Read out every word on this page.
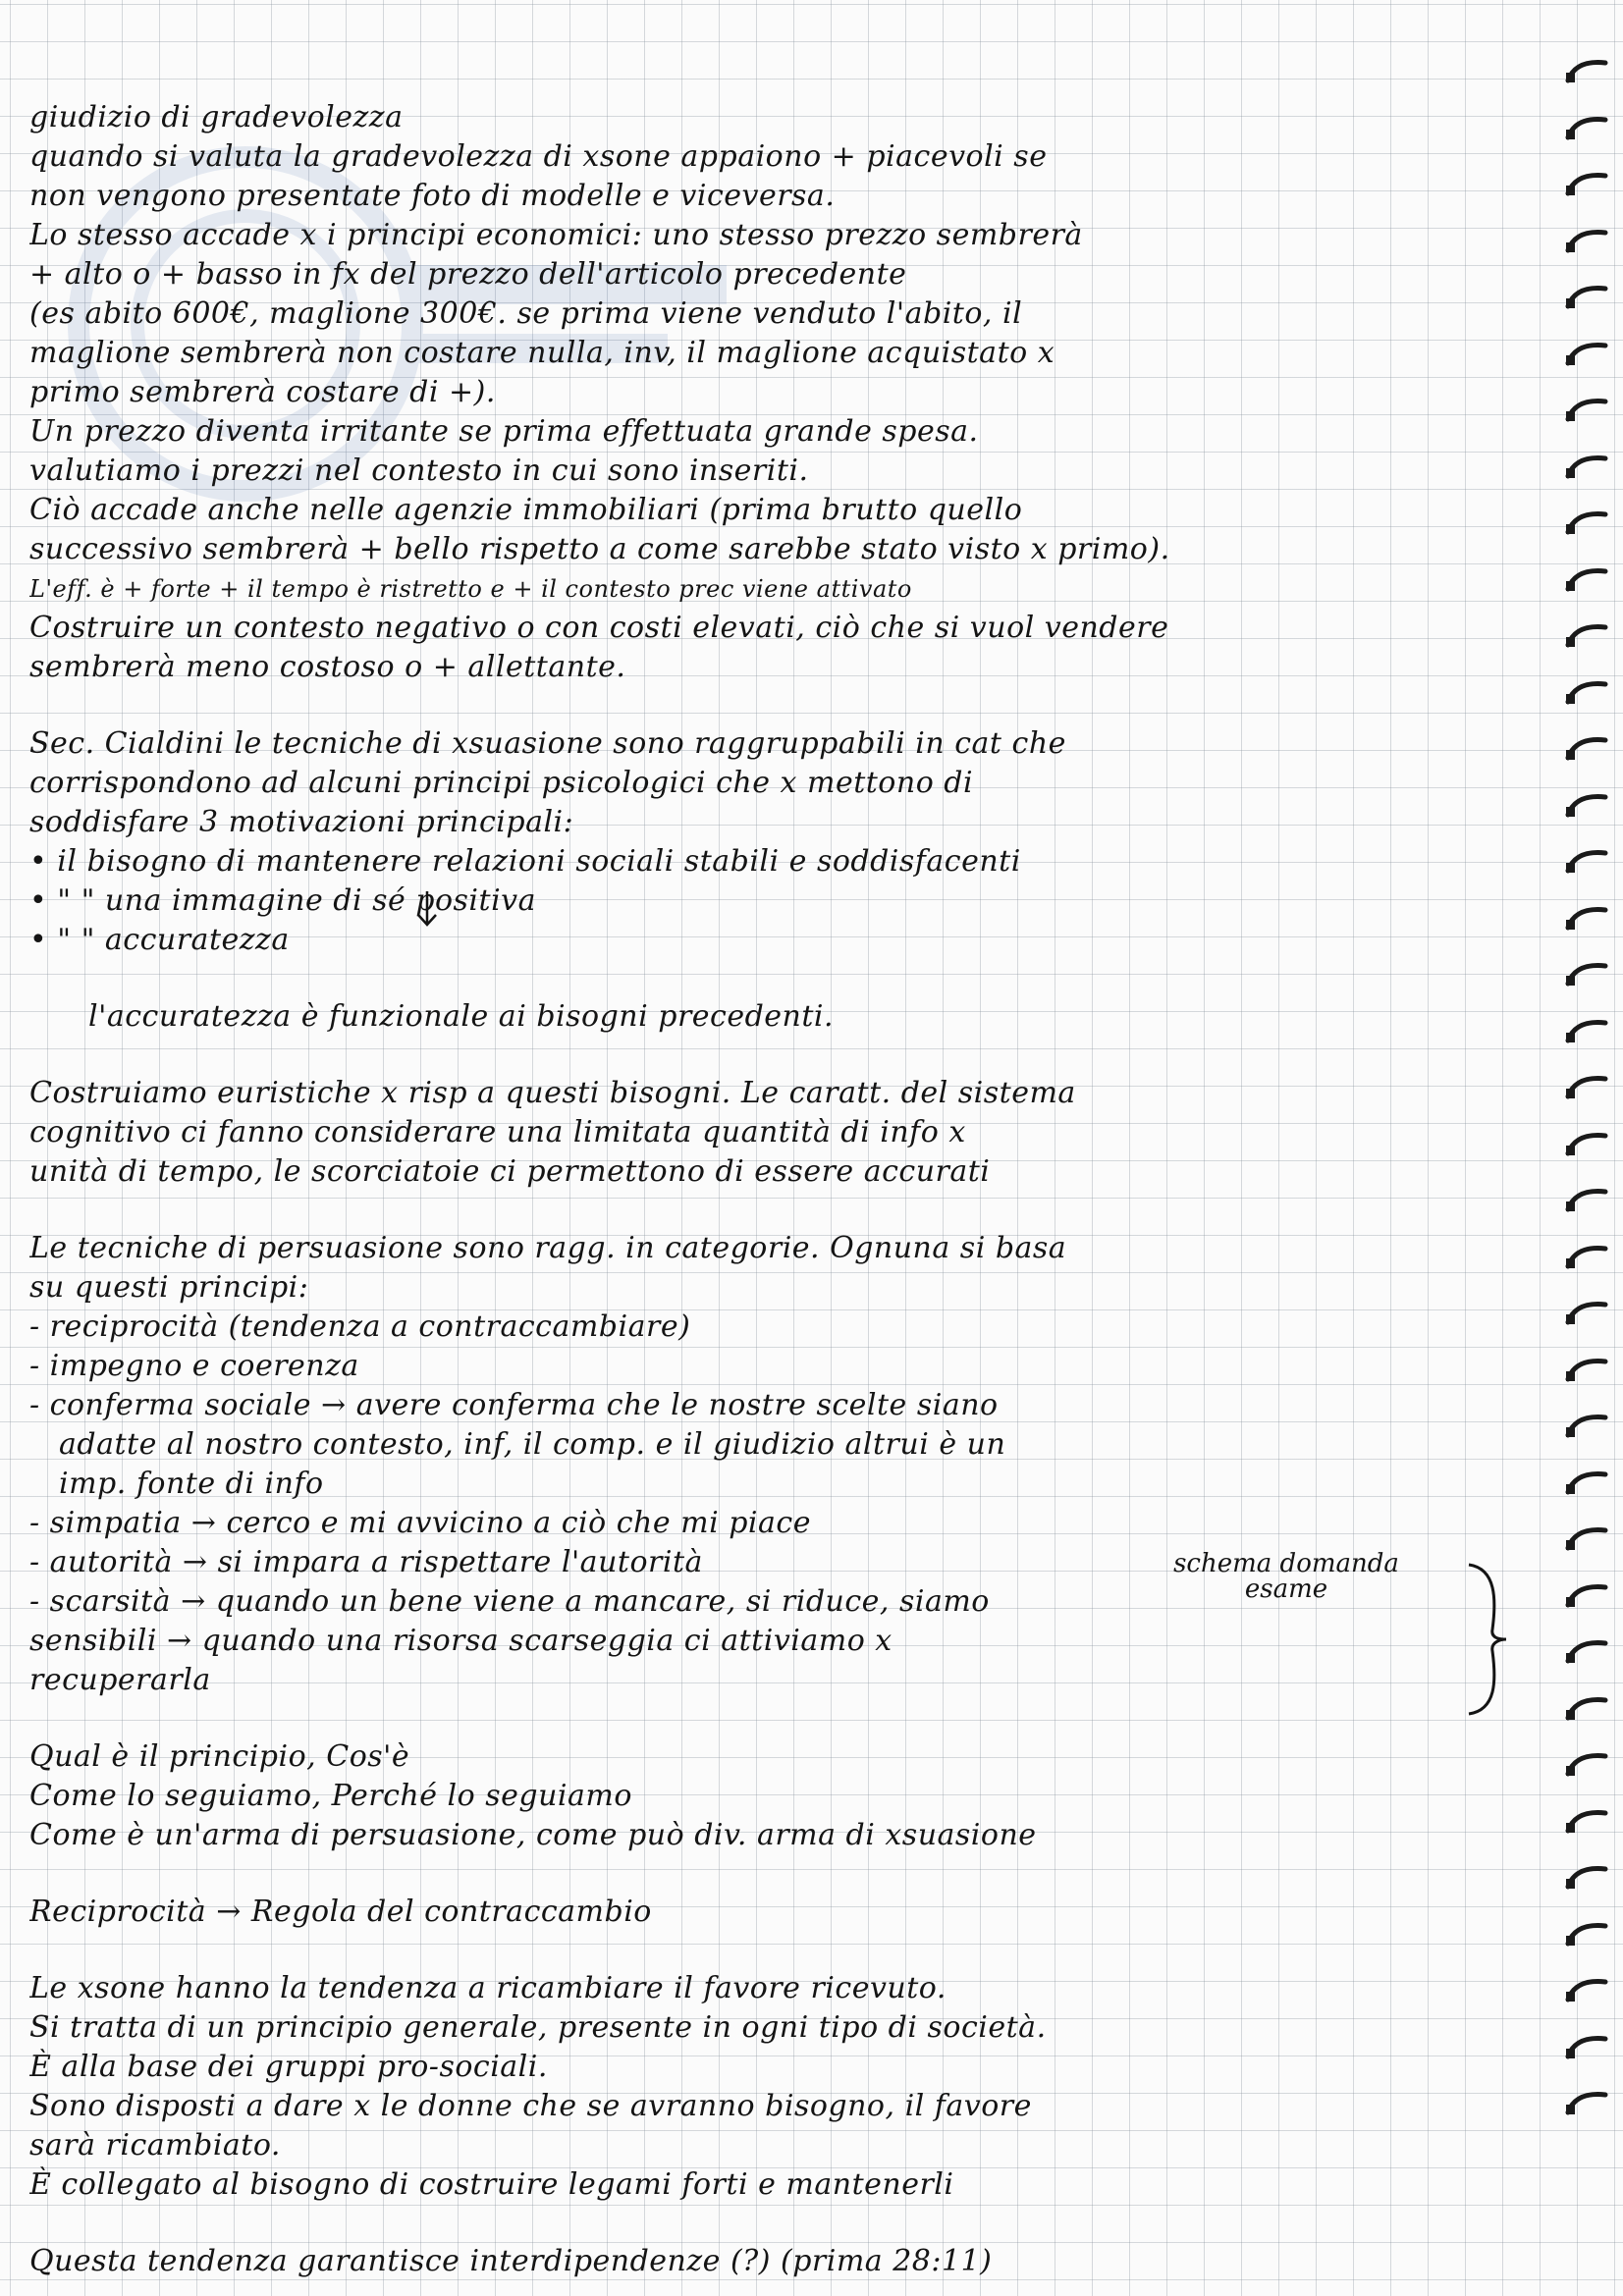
giudizio di gradevolezza
quando si valuta la gradevolezza di xsone appaiono + piacevoli se
non vengono presentate foto di modelle e viceversa.
Lo stesso accade x i principi economici: uno stesso prezzo sembrerà
+ alto o + basso in fx del prezzo dell'articolo precedente
(es abito 600€, maglione 300€. se prima viene venduto l'abito, il
maglione sembrerà non costare nulla, inv, il maglione acquistato x
primo sembrerà costare di +).
Un prezzo diventa irritante se prima effettuata grande spesa.
valutiamo i prezzi nel contesto in cui sono inseriti.
Ciò accade anche nelle agenzie immobiliari (prima brutto quello
successivo sembrerà + bello rispetto a come sarebbe stato visto x primo).
L'eff. è + forte + il tempo è ristretto e + il contesto prec viene attivato
Costruire un contesto negativo o con costi elevati, ciò che si vuol vendere
sembrerà meno costoso o + allettante.
Sec. Cialdini le tecniche di xsuasione sono raggruppabili in cat che
corrispondono ad alcuni principi psicologici che x mettono di
soddisfare 3 motivazioni principali:
• il bisogno di mantenere relazioni sociali stabili e soddisfacenti
• " " una immagine di sé positiva
• " " accuratezza
l'accuratezza è funzionale ai bisogni precedenti.
Costruiamo euristiche x risp a questi bisogni. Le caratt. del sistema
cognitivo ci fanno considerare una limitata quantità di info x
unità di tempo, le scorciatoie ci permettono di essere accurati
Le tecniche di persuasione sono ragg. in categorie. Ognuna si basa
su questi principi:
- reciprocità (tendenza a contraccambiare)
- impegno e coerenza
- conferma sociale → avere conferma che le nostre scelte siano
adatte al nostro contesto, inf, il comp. e il giudizio altrui è un
imp. fonte di info
- simpatia → cerco e mi avvicino a ciò che mi piace
- autorità → si impara a rispettare l'autorità
- scarsità → quando un bene viene a mancare, si riduce, siamo
sensibili → quando una risorsa scarseggia ci attiviamo x
recuperarla
Qual è il principio, Cos'è
Come lo seguiamo, Perché lo seguiamo
Come è un'arma di persuasione, come può div. arma di xsuasione
Reciprocità → Regola del contraccambio
Le xsone hanno la tendenza a ricambiare il favore ricevuto.
Si tratta di un principio generale, presente in ogni tipo di società.
È alla base dei gruppi pro-sociali.
Sono disposti a dare x le donne che se avranno bisogno, il favore
sarà ricambiato.
È collegato al bisogno di costruire legami forti e mantenerli
Questa tendenza garantisce interdipendenze (?) (prima 28:11)
schema domanda esame
